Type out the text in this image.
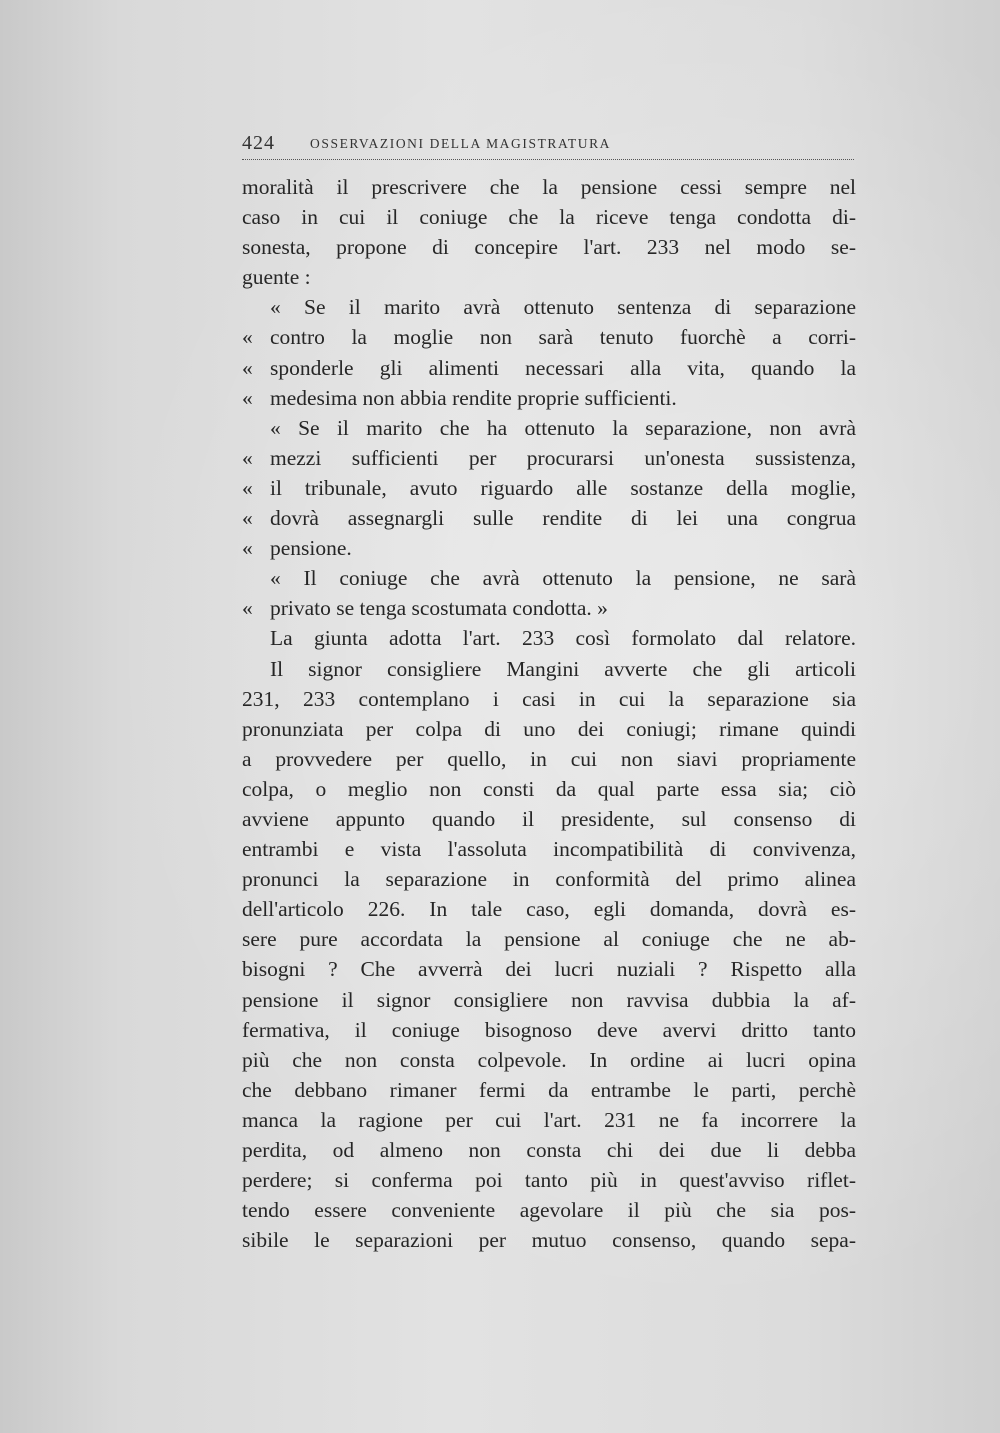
424	OSSERVAZIONI DELLA MAGISTRATURA
moralità il prescrivere che la pensione cessi sempre nel
caso in cui il coniuge che la riceve tenga condotta di-
sonesta, propone di concepire l'art. 233 nel modo se-
guente :
« Se il marito avrà ottenuto sentenza di separazione
« contro la moglie non sarà tenuto fuorchè a corri-
« sponderle gli alimenti necessari alla vita, quando la
« medesima non abbia rendite proprie sufficienti.
« Se il marito che ha ottenuto la separazione, non avrà
« mezzi sufficienti per procurarsi un'onesta sussistenza,
« il tribunale, avuto riguardo alle sostanze della moglie,
« dovrà assegnargli sulle rendite di lei una congrua
« pensione.
« Il coniuge che avrà ottenuto la pensione, ne sarà
« privato se tenga scostumata condotta. »
La giunta adotta l'art. 233 così formolato dal relatore.
Il signor consigliere Mangini avverte che gli articoli
231, 233 contemplano i casi in cui la separazione sia
pronunziata per colpa di uno dei coniugi; rimane quindi
a provvedere per quello, in cui non siavi propriamente
colpa, o meglio non consti da qual parte essa sia; ciò
avviene appunto quando il presidente, sul consenso di
entrambi e vista l'assoluta incompatibilità di convivenza,
pronunci la separazione in conformità del primo alinea
dell'articolo 226. In tale caso, egli domanda, dovrà es-
sere pure accordata la pensione al coniuge che ne ab-
bisogni ? Che avverrà dei lucri nuziali ? Rispetto alla
pensione il signor consigliere non ravvisa dubbia la af-
fermativa, il coniuge bisognoso deve avervi dritto tanto
più che non consta colpevole. In ordine ai lucri opina
che debbano rimaner fermi da entrambe le parti, perchè
manca la ragione per cui l'art. 231 ne fa incorrere la
perdita, od almeno non consta chi dei due li debba
perdere; si conferma poi tanto più in quest'avviso riflet-
tendo essere conveniente agevolare il più che sia pos-
sibile le separazioni per mutuo consenso, quando sepa-
